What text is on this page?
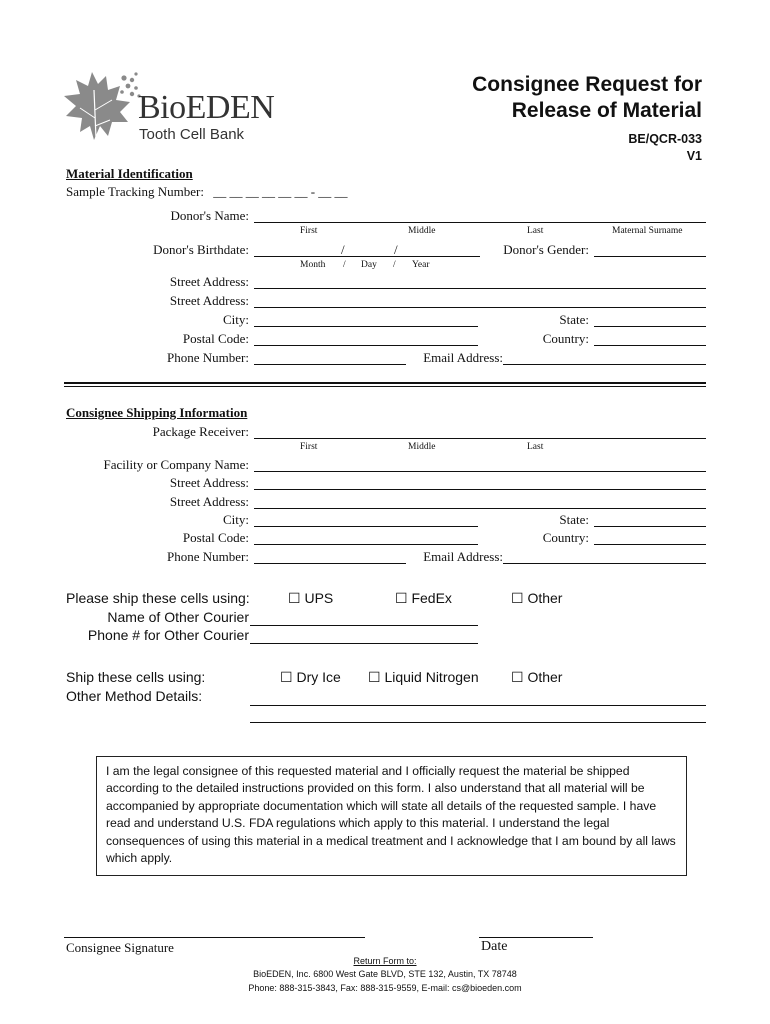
BioEDEN
Tooth Cell Bank
Consignee Request for
Release of Material
BE/QCR-033
V1
Material Identification
Sample Tracking Number: __ __ __ __ __ __ - __ __
Donor's Name:
First	Middle	Last	Maternal Surname
Donor's Birthdate:	/	/
Month / Day / Year
Donor's Gender:
Street Address:
Street Address:
City:	State:
Postal Code:	Country:
Phone Number:	Email Address:
Consignee Shipping Information
Package Receiver:
First	Middle	Last
Facility or Company Name:
Street Address:
Street Address:
City:	State:
Postal Code:	Country:
Phone Number:	Email Address:
Please ship these cells using:	☐ UPS	☐ FedEx	☐ Other
Name of Other Courier
Phone # for Other Courier
Ship these cells using:	☐ Dry Ice ☐ Liquid Nitrogen ☐ Other
Other Method Details:
I am the legal consignee of this requested material and I officially request the material be shipped according to the detailed instructions provided on this form. I also understand that all material will be accompanied by appropriate documentation which will state all details of the requested sample. I have read and understand U.S. FDA regulations which apply to this material. I understand the legal consequences of using this material in a medical treatment and I acknowledge that I am bound by all laws which apply.
Consignee Signature	Date
Return Form to:
BioEDEN, Inc. 6800 West Gate BLVD, STE 132, Austin, TX 78748
Phone: 888-315-3843, Fax: 888-315-9559, E-mail: cs@bioeden.com
